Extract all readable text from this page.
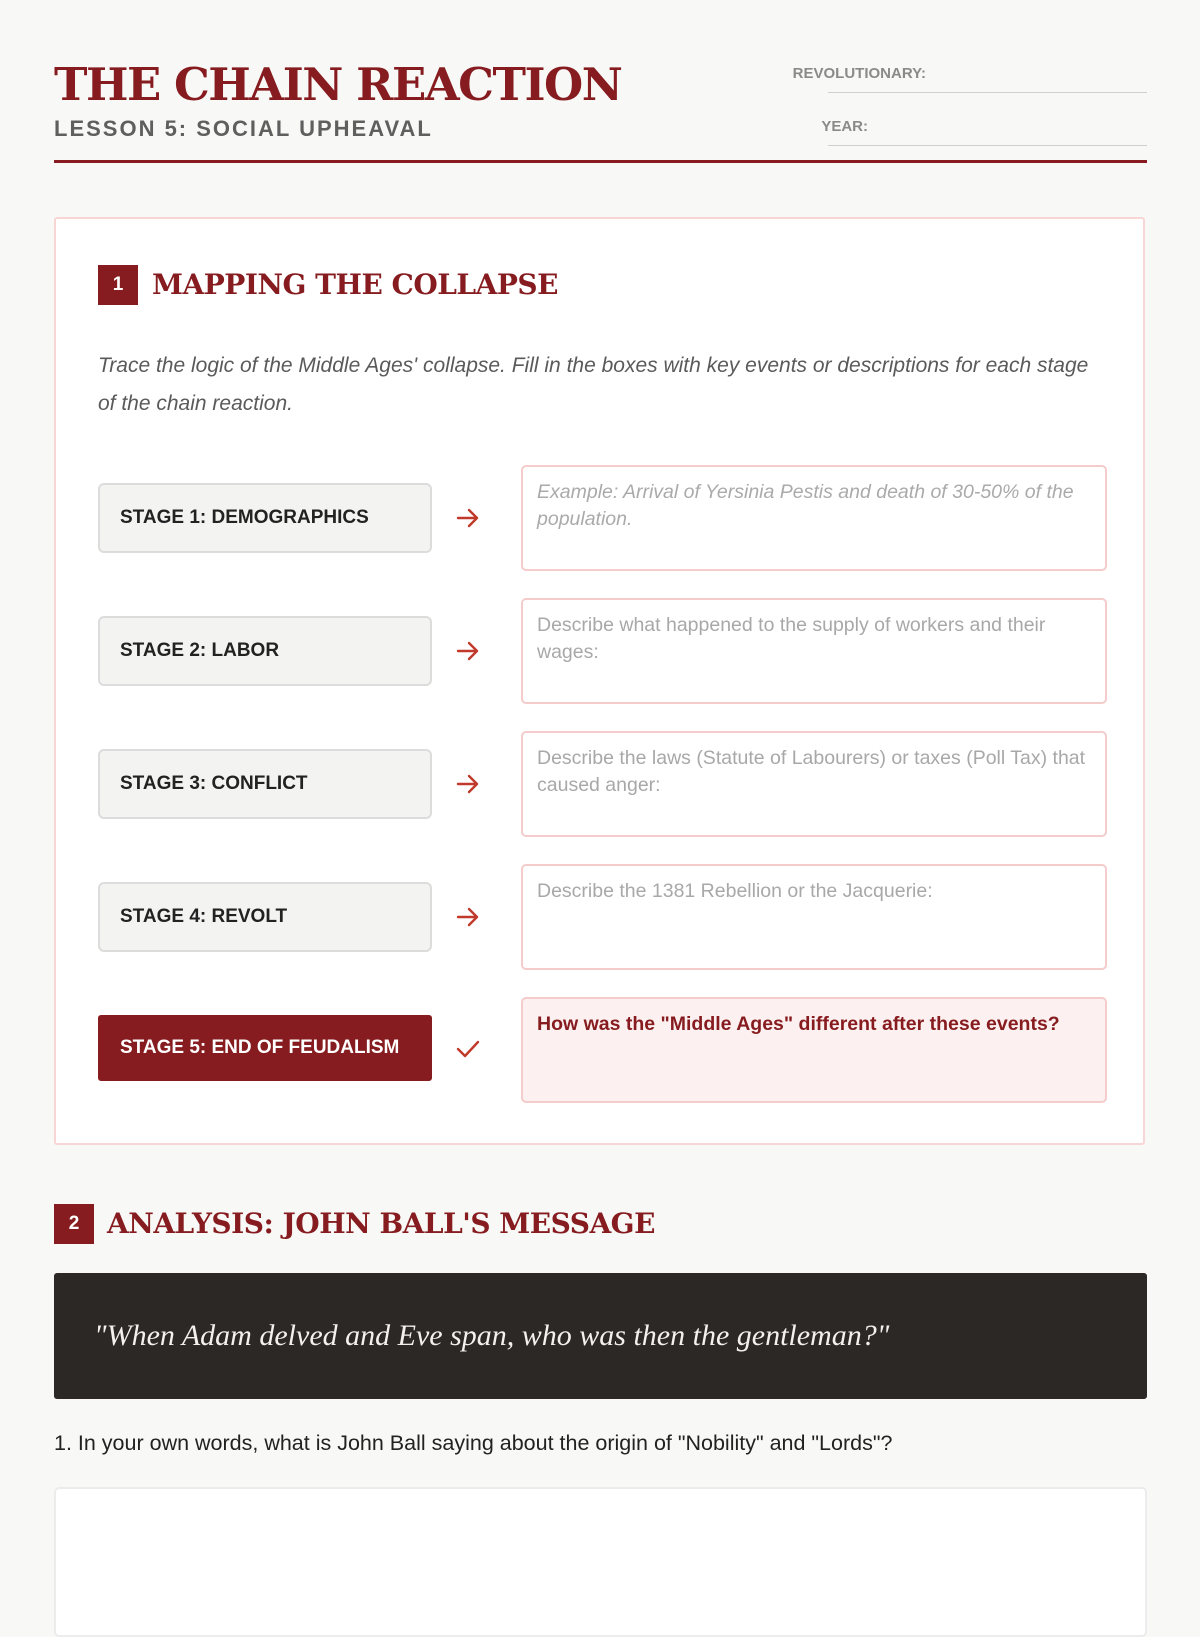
THE CHAIN REACTION
LESSON 5: SOCIAL UPHEAVAL
REVOLUTIONARY:
YEAR:
1	MAPPING THE COLLAPSE
Trace the logic of the Middle Ages' collapse. Fill in the boxes with key events or descriptions for each stage of the chain reaction.
STAGE 1: DEMOGRAPHICS
Example: Arrival of Yersinia Pestis and death of 30-50% of the population.
STAGE 2: LABOR
Describe what happened to the supply of workers and their wages:
STAGE 3: CONFLICT
Describe the laws (Statute of Labourers) or taxes (Poll Tax) that caused anger:
STAGE 4: REVOLT
Describe the 1381 Rebellion or the Jacquerie:
STAGE 5: END OF FEUDALISM
How was the "Middle Ages" different after these events?
2 ANALYSIS: JOHN BALL'S MESSAGE
"When Adam delved and Eve span, who was then the gentleman?"
1. In your own words, what is John Ball saying about the origin of "Nobility" and "Lords"?
